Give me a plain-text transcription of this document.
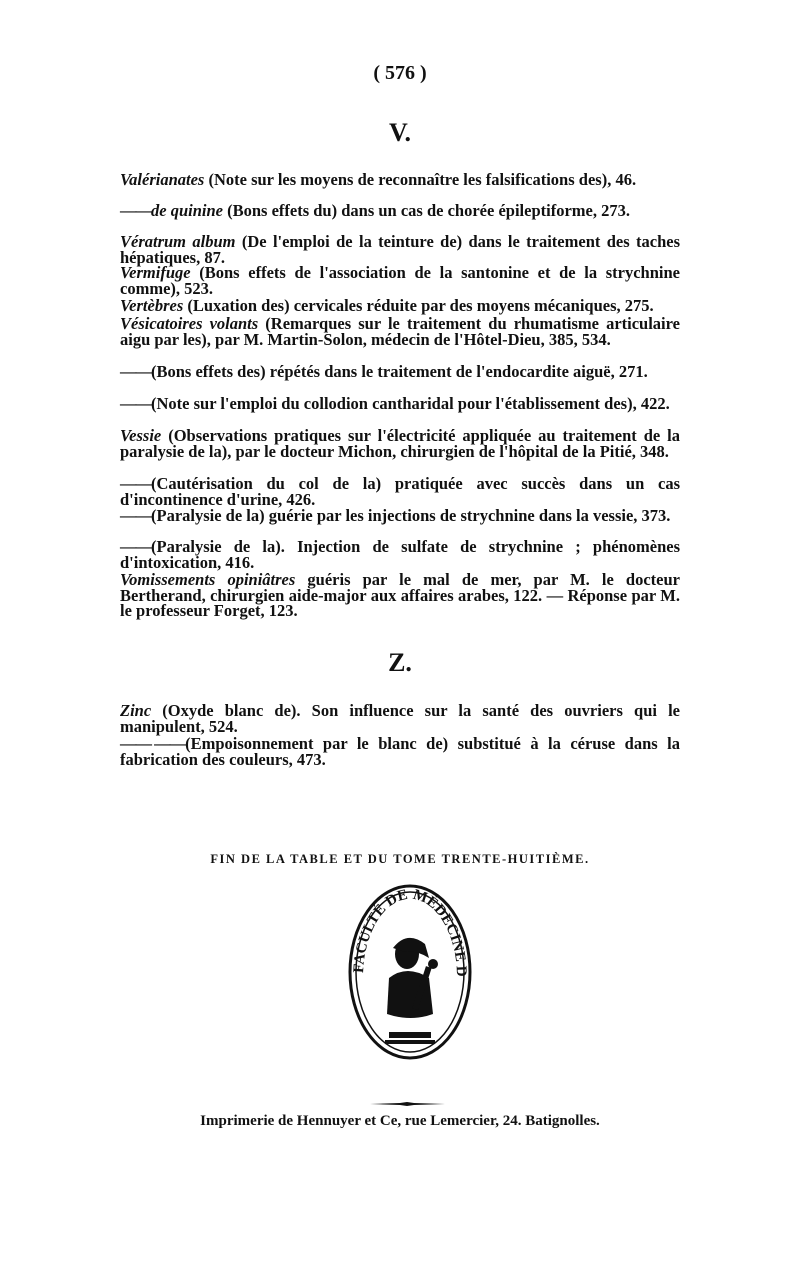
( 576 )
V.
Valérianates (Note sur les moyens de reconnaître les falsifications des), 46.
——de quinine (Bons effets du) dans un cas de chorée épileptiforme, 273.
Vératrum album (De l'emploi de la teinture de) dans le traitement des taches hépatiques, 87.
Vermifuge (Bons effets de l'association de la santonine et de la strychnine comme), 523.
Vertèbres (Luxation des) cervicales réduite par des moyens mécaniques, 275.
Vésicatoires volants (Remarques sur le traitement du rhumatisme articulaire aigu par les), par M. Martin-Solon, médecin de l'Hôtel-Dieu, 385, 534.
——(Bons effets des) répétés dans le traitement de l'endocardite aiguë, 271.
——(Note sur l'emploi du collodion cantharidal pour l'établissement des), 422.
Vessie (Observations pratiques sur l'électricité appliquée au traitement de la paralysie de la), par le docteur Michon, chirurgien de l'hôpital de la Pitié, 348.
——(Cautérisation du col de la) pratiquée avec succès dans un cas d'incontinence d'urine, 426.
——(Paralysie de la) guérie par les injections de strychnine dans la vessie, 373.
——(Paralysie de la). Injection de sulfate de strychnine ; phénomènes d'intoxication, 416.
Vomissements opiniâtres guéris par le mal de mer, par M. le docteur Bertherand, chirurgien aide-major aux affaires arabes, 122. — Réponse par M. le professeur Forget, 123.
Z.
Zinc (Oxyde blanc de). Son influence sur la santé des ouvriers qui le manipulent, 524.
—— ——(Empoisonnement par le blanc de) substitué à la céruse dans la fabrication des couleurs, 473.
FIN DE LA TABLE ET DU TOME TRENTE-HUITIÈME.
FACULTÉ DE MÉDECINE D
Imprimerie de Hennuyer et Ce, rue Lemercier, 24. Batignolles.
